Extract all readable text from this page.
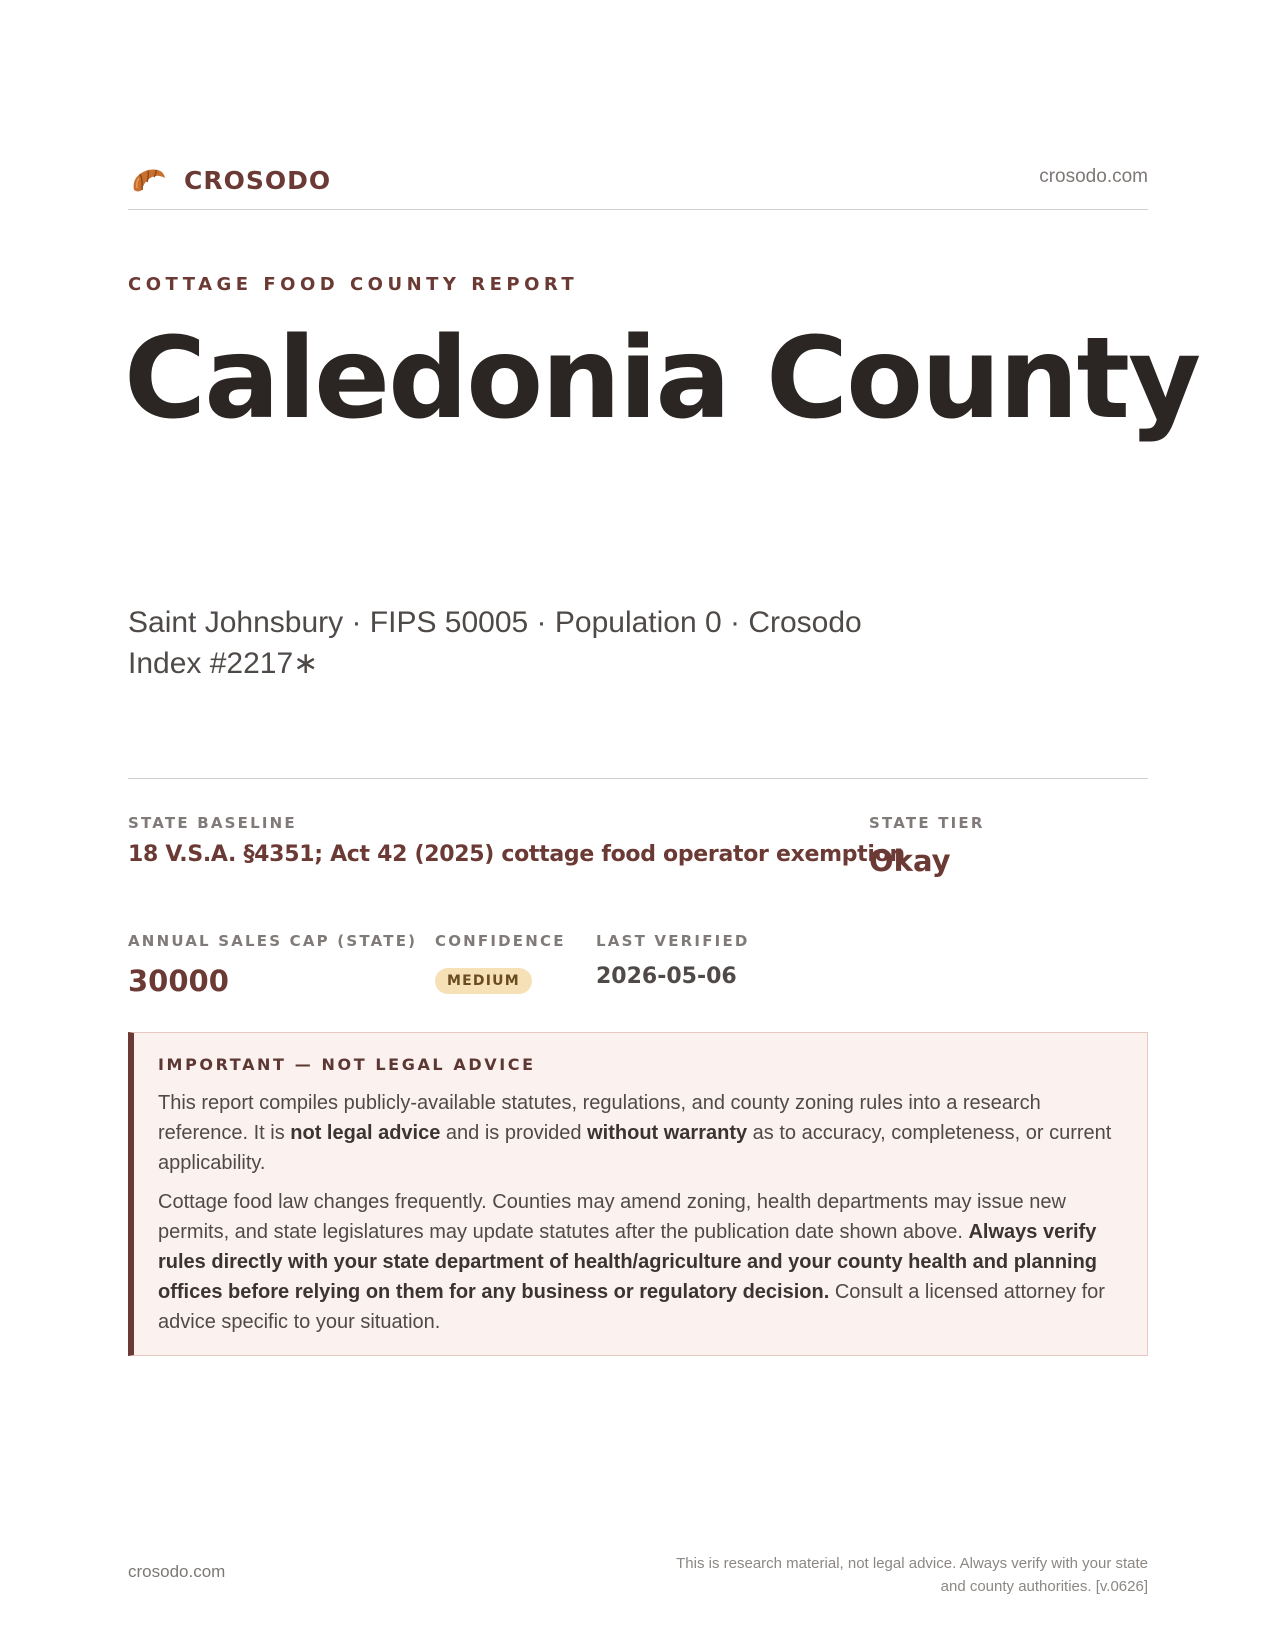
CROSODO	crosodo.com
COTTAGE FOOD COUNTY REPORT
Caledonia County
Saint Johnsbury · FIPS 50005 · Population 0 · Crosodo Index #2217∗
STATE BASELINE
18 V.S.A. §4351; Act 42 (2025) cottage food operator exemption
STATE TIER
Okay
ANNUAL SALES CAP (STATE)
30000
CONFIDENCE
MEDIUM
LAST VERIFIED
2026-05-06
IMPORTANT — NOT LEGAL ADVICE

This report compiles publicly-available statutes, regulations, and county zoning rules into a research reference. It is not legal advice and is provided without warranty as to accuracy, completeness, or current applicability.

Cottage food law changes frequently. Counties may amend zoning, health departments may issue new permits, and state legislatures may update statutes after the publication date shown above. Always verify rules directly with your state department of health/agriculture and your county health and planning offices before relying on them for any business or regulatory decision. Consult a licensed attorney for advice specific to your situation.

crosodo.com	This is research material, not legal advice. Always verify with your state
and county authorities. [v.0626]
